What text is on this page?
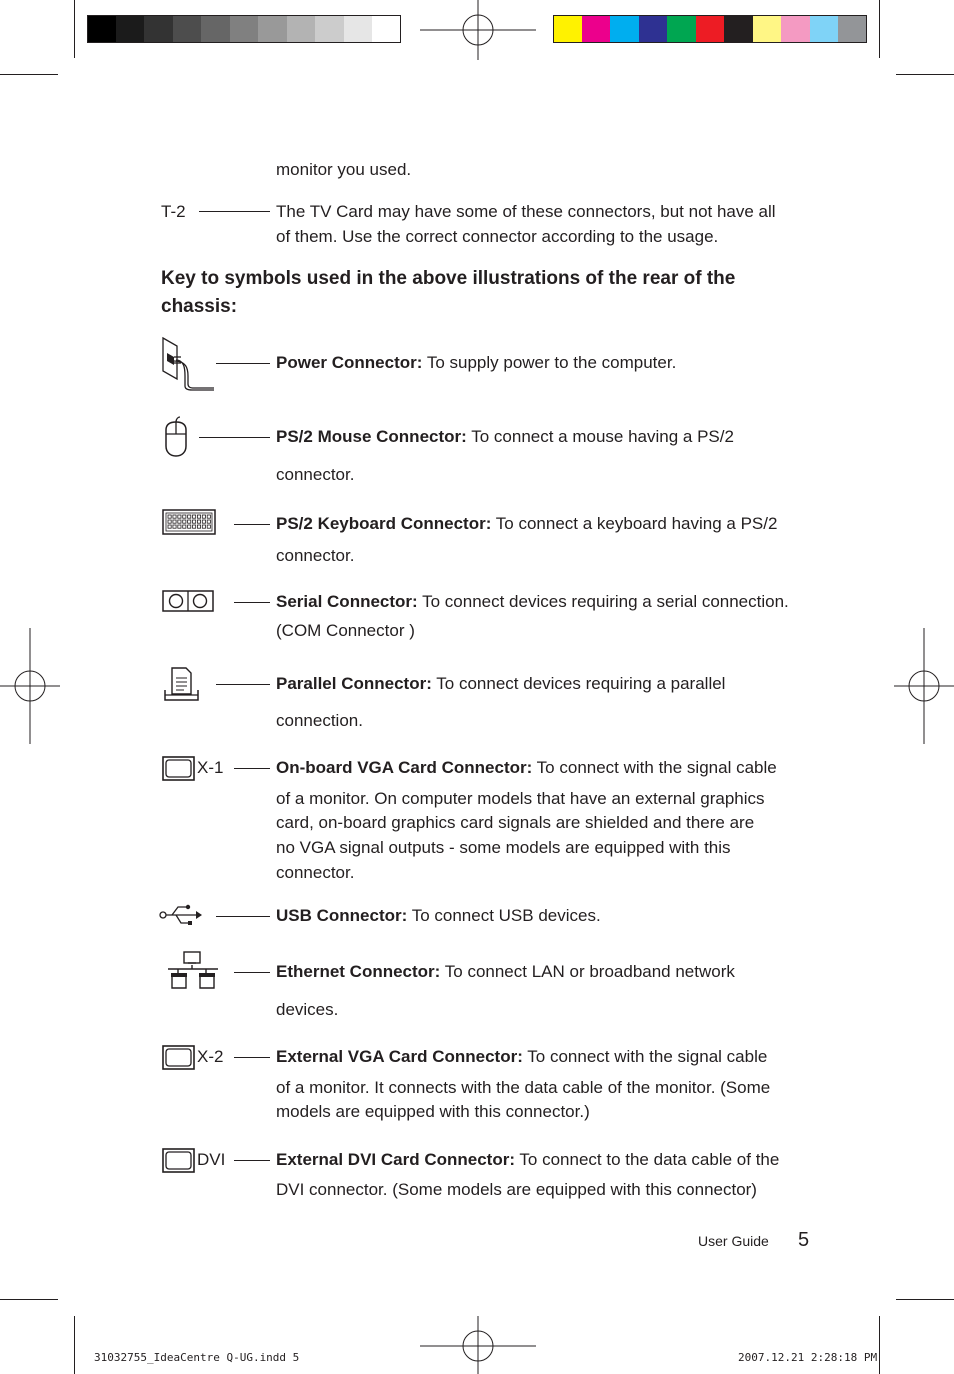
monitor you used.
T-2	The TV Card may have some of these connectors, but not have all
of them. Use the correct connector according to the usage.
Key to symbols used in the above illustrations of the rear of the
chassis:
Power Connector: To supply power to the computer.
PS/2 Mouse Connector: To connect a mouse having a PS/2
connector.
PS/2 Keyboard Connector: To connect a keyboard having a PS/2
connector.
Serial Connector: To connect devices requiring a serial connection.
(COM Connector )
Parallel Connector: To connect devices requiring a parallel
connection.
X-1	On-board VGA Card Connector: To connect with the signal cable
of a monitor. On computer models that have an external graphics
card, on-board graphics card signals are shielded and there are
no VGA signal outputs - some models are equipped with this
connector.
USB Connector: To connect USB devices.
Ethernet Connector: To connect LAN or broadband network
devices.
X-2	External VGA Card Connector: To connect with the signal cable
of a monitor. It connects with the data cable of the monitor. (Some
models are equipped with this connector.)
DVI	External DVI Card Connector: To connect to the data cable of the
DVI connector. (Some models are equipped with this connector)
User Guide 5
31032755_IdeaCentre Q-UG.indd 5	2007.12.21 2:28:18 PM
